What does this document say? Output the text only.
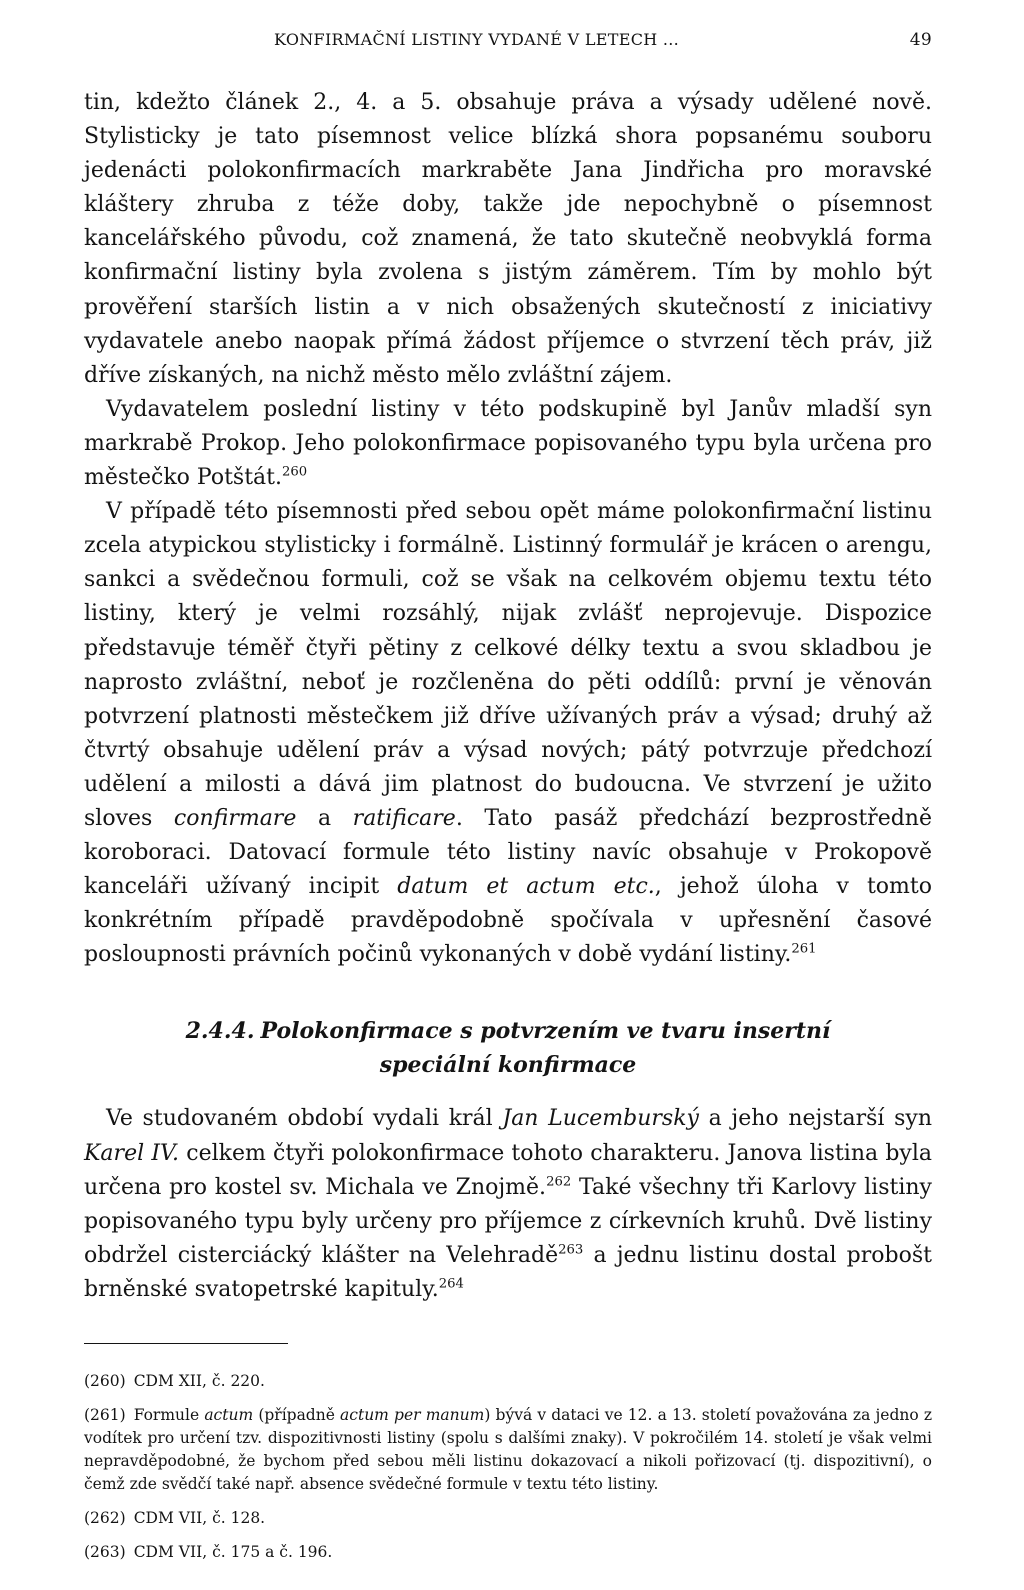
KONFIRMAČNÍ LISTINY VYDANÉ V LETECH ...	49

tin, kdežto článek 2., 4. a 5. obsahuje práva a výsady udělené nově. Stylisticky je tato písemnost velice blízká shora popsanému souboru jedenácti polokonfirmacích markraběte Jana Jindřicha pro moravské kláštery zhruba z téže doby, takže jde nepochybně o písemnost kancelářského původu, což znamená, že tato skutečně neobvyklá forma konfirmační listiny byla zvolena s jistým záměrem. Tím by mohlo být prověření starších listin a v nich obsažených skutečností z iniciativy vydavatele anebo naopak přímá žádost příjemce o stvrzení těch práv, již dříve získaných, na nichž město mělo zvláštní zájem.

Vydavatelem poslední listiny v této podskupině byl Janův mladší syn markrabě Prokop. Jeho polokonfirmace popisovaného typu byla určena pro městečko Potštát.$^{260}$

V případě této písemnosti před sebou opět máme polokonfirmační listinu zcela atypickou stylisticky i formálně. Listinný formulář je krácen o arengu, sankci a svědečnou formuli, což se však na celkovém objemu textu této listiny, který je velmi rozsáhlý, nijak zvlášť neprojevuje. Dispozice představuje téměř čtyři pětiny z celkové délky textu a svou skladbou je naprosto zvláštní, neboť je rozčleněna do pěti oddílů: první je věnován potvrzení platnosti městečkem již dříve užívaných práv a výsad; druhý až čtvrtý obsahuje udělení práv a výsad nových; pátý potvrzuje předchozí udělení a milosti a dává jim platnost do budoucna. Ve stvrzení je užito sloves confirmare a ratificare. Tato pasáž předchází bezprostředně koroboraci. Datovací formule této listiny navíc obsahuje v Prokopově kanceláři užívaný incipit datum et actum etc., jehož úloha v tomto konkrétním případě pravděpodobně spočívala v upřesnění časové posloupnosti právních počinů vykonaných v době vydání listiny.$^{261}$

2.4.4. Polokonfirmace s potvrzením ve tvaru insertní
speciální konfirmace

Ve studovaném období vydali král Jan Lucemburský a jeho nejstarší syn Karel IV. celkem čtyři polokonfirmace tohoto charakteru. Janova listina byla určena pro kostel sv. Michala ve Znojmě.$^{262}$ Také všechny tři Karlovy listiny popisovaného typu byly určeny pro příjemce z církevních kruhů. Dvě listiny obdržel cisterciácký klášter na Velehradě$^{263}$ a jednu listinu dostal probošt brněnské svatopetrské kapituly.$^{264}$

(260) CDM XII, č. 220.

(261) Formule actum (případně actum per manum) bývá v dataci ve 12. a 13. století považována za jedno z vodítek pro určení tzv. dispozitivnosti listiny (spolu s dalšími znaky). V pokročilém 14. století je však velmi nepravděpodobné, že bychom před sebou měli listinu dokazovací a nikoli pořizovací (tj. dispozitivní), o čemž zde svědčí také např. absence svědečné formule v textu této listiny.

(262) CDM VII, č. 128.

(263) CDM VII, č. 175 a č. 196.
